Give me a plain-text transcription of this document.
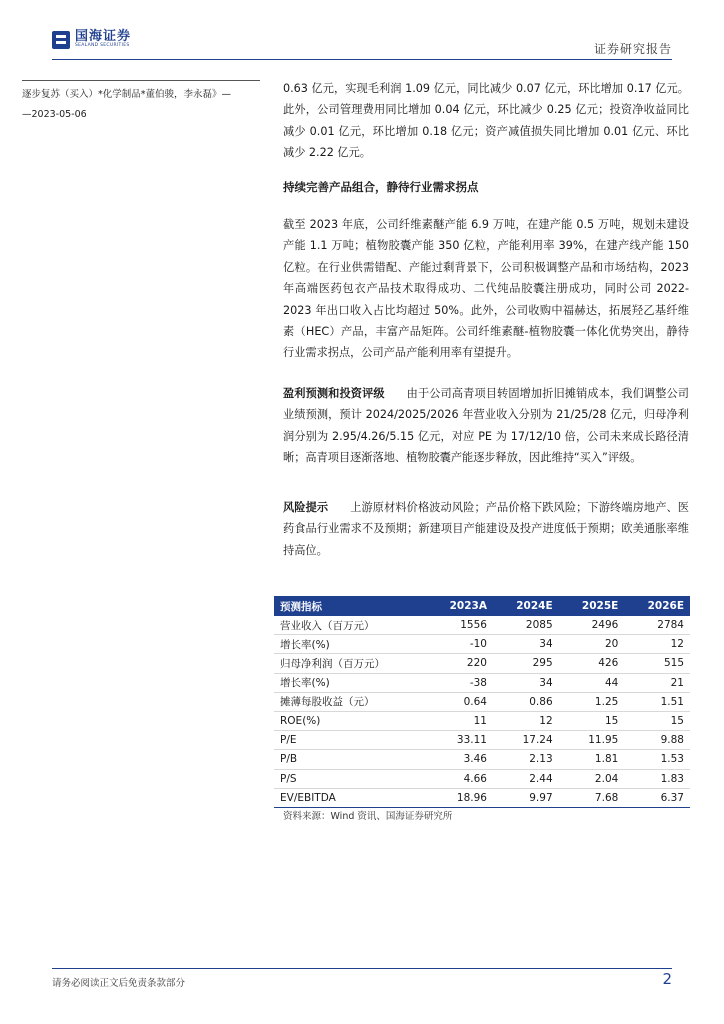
国海证券
SEALAND SECURITIES	证券研究报告
逐步复苏（买入）*化学制品*董伯骏，李永磊》—
—2023-05-06
0.63 亿元，实现毛利润 1.09 亿元，同比减少 0.07 亿元，环比增加 0.17 亿元。此外，公司管理费用同比增加 0.04 亿元，环比减少 0.25 亿元；投资净收益同比减少 0.01 亿元，环比增加 0.18 亿元；资产减值损失同比增加 0.01 亿元、环比减少 2.22 亿元。
持续完善产品组合，静待行业需求拐点
截至 2023 年底，公司纤维素醚产能 6.9 万吨，在建产能 0.5 万吨，规划未建设产能 1.1 万吨；植物胶囊产能 350 亿粒，产能利用率 39%，在建产线产能 150 亿粒。在行业供需错配、产能过剩背景下，公司积极调整产品和市场结构，2023 年高端医药包衣产品技术取得成功、二代纯品胶囊注册成功，同时公司 2022-2023 年出口收入占比均超过 50%。此外，公司收购中福赫达，拓展羟乙基纤维素（HEC）产品，丰富产品矩阵。公司纤维素醚-植物胶囊一体化优势突出，静待行业需求拐点，公司产品产能利用率有望提升。
盈利预测和投资评级 由于公司高青项目转固增加折旧摊销成本，我们调整公司业绩预测，预计 2024/2025/2026 年营业收入分别为 21/25/28 亿元，归母净利润分别为 2.95/4.26/5.15 亿元，对应 PE 为 17/12/10 倍，公司未来成长路径清晰；高青项目逐渐落地、植物胶囊产能逐步释放，因此维持“买入”评级。
风险提示 上游原材料价格波动风险；产品价格下跌风险；下游终端房地产、医药食品行业需求不及预期；新建项目产能建设及投产进度低于预期；欧美通胀率维持高位。
预测指标	2023A	2024E	2025E	2026E
营业收入（百万元）	1556	2085	2496	2784
增长率(%)	-10	34	20	12
归母净利润（百万元）	220	295	426	515
增长率(%)	-38	34	44	21
摊薄每股收益（元）	0.64	0.86	1.25	1.51
ROE(%)	11	12	15	15
P/E	33.11	17.24	11.95	9.88
P/B	3.46	2.13	1.81	1.53
P/S	4.66	2.44	2.04	1.83
EV/EBITDA	18.96	9.97	7.68	6.37
资料来源：Wind 资讯、国海证券研究所
请务必阅读正文后免责条款部分	2
